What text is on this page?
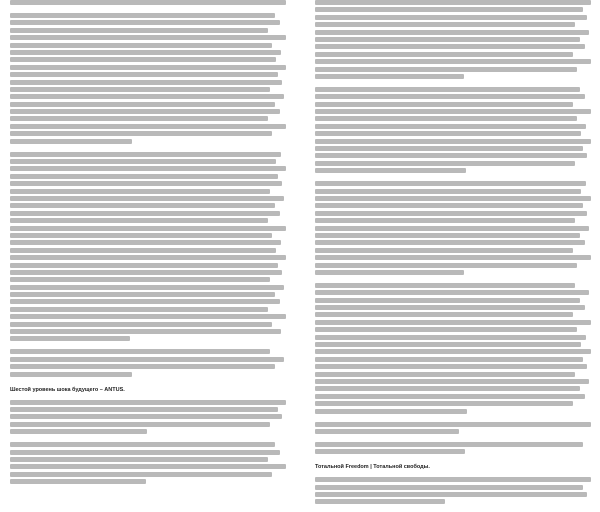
Шестой уровень шока будущего – ANTUS.

Тотальной Freedom | Тотальной свободы.
